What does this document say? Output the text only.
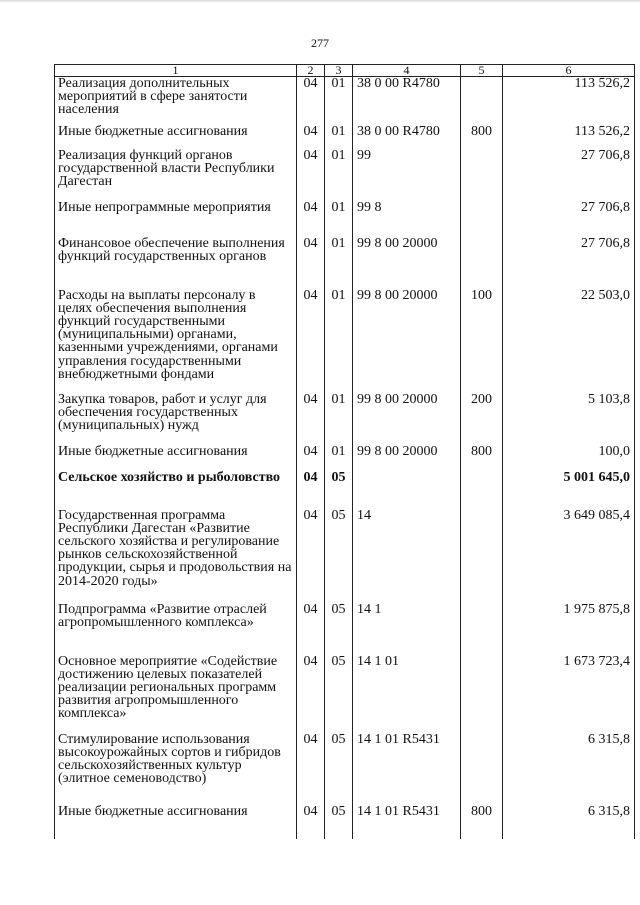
277
1	2	3	4	5	6
Реализация дополнительных мероприятий в сфере занятости населения	04	01	38 0 00 R4780		113 526,2
Иные бюджетные ассигнования	04	01	38 0 00 R4780	800	113 526,2
Реализация функций органов государственной власти Республики Дагестан	04	01	99		27 706,8
Иные непрограммные мероприятия	04	01	99 8		27 706,8
Финансовое обеспечение выполнения функций государственных органов	04	01	99 8 00 20000		27 706,8
Расходы на выплаты персоналу в целях обеспечения выполнения функций государственными (муниципальными) органами, казенными учреждениями, органами управления государственными внебюджетными фондами	04	01	99 8 00 20000	100	22 503,0
Закупка товаров, работ и услуг для обеспечения государственных (муниципальных) нужд	04	01	99 8 00 20000	200	5 103,8
Иные бюджетные ассигнования	04	01	99 8 00 20000	800	100,0
Сельское хозяйство и рыболовство	04	05			5 001 645,0
Государственная программа Республики Дагестан «Развитие сельского хозяйства и регулирование рынков сельскохозяйственной продукции, сырья и продовольствия на 2014-2020 годы»	04	05	14		3 649 085,4
Подпрограмма «Развитие отраслей агропромышленного комплекса»	04	05	14 1		1 975 875,8
Основное мероприятие «Содействие достижению целевых показателей реализации региональных программ развития агропромышленного комплекса»	04	05	14 1 01		1 673 723,4
Стимулирование использования высокоурожайных сортов и гибридов сельскохозяйственных культур (элитное семеноводство)	04	05	14 1 01 R5431		6 315,8
Иные бюджетные ассигнования	04	05	14 1 01 R5431	800	6 315,8
